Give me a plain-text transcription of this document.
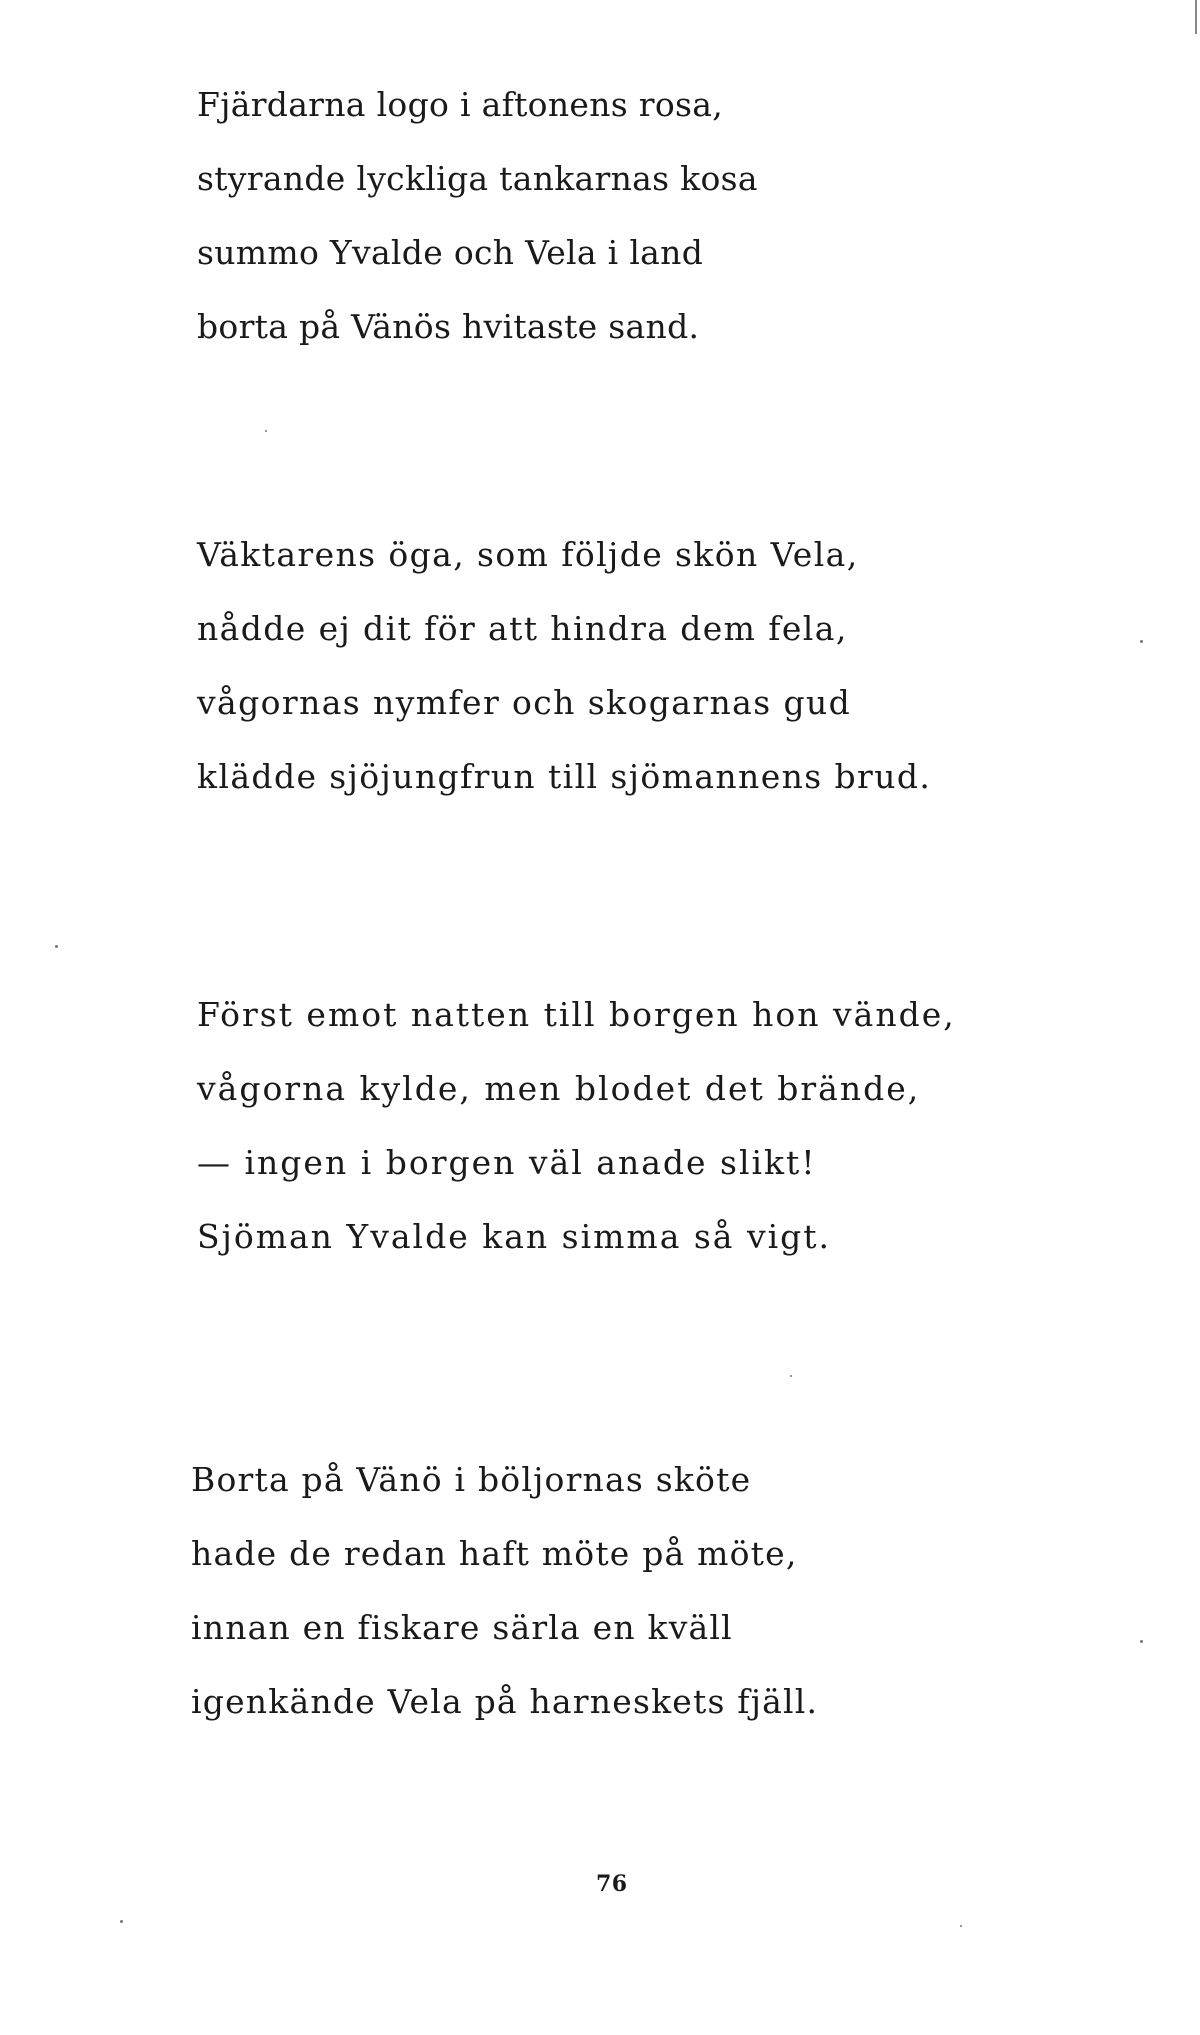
Fjärdarna logo i aftonens rosa,
styrande lyckliga tankarnas kosa
summo Yvalde och Vela i land
borta på Vänös hvitaste sand.
Väktarens öga, som följde skön Vela,
nådde ej dit för att hindra dem fela,
vågornas nymfer och skogarnas gud
klädde sjöjungfrun till sjömannens brud.
Först emot natten till borgen hon vände,
vågorna kylde, men blodet det brände,
— ingen i borgen väl anade slikt!
Sjöman Yvalde kan simma så vigt.
Borta på Vänö i böljornas sköte
hade de redan haft möte på möte,
innan en fiskare särla en kväll
igenkände Vela på harneskets fjäll.
76
